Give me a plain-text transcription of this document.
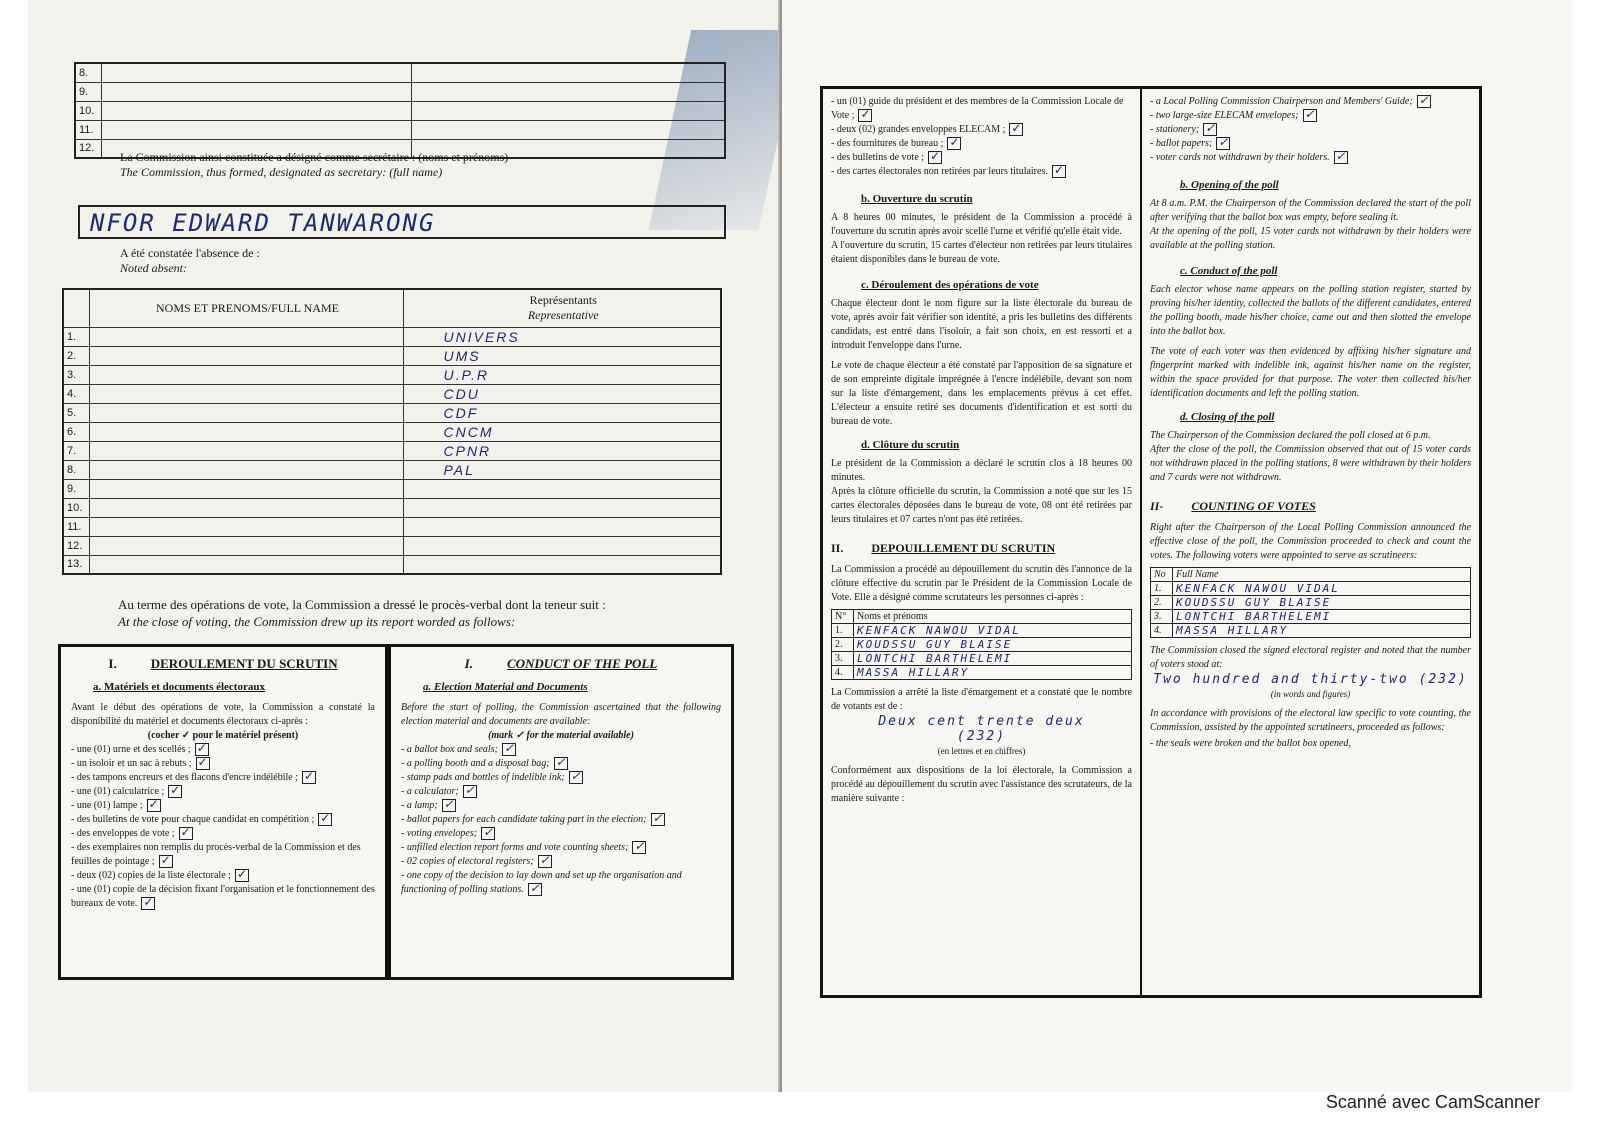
8.		
9.		
10.		
11.		
12.		
La Commission ainsi constituée a désigné comme secrétaire : (noms et prénoms)
The Commission, thus formed, designated as secretary: (full name)
NFOR EDWARD TANWARONG
A été constatée l'absence de :
Noted absent:
	NOMS ET PRENOMS/FULL NAME	Représentants
Representative
1.		UNIVERS
2.		UMS
3.		U.P.R
4.		CDU
5.		CDF
6.		CNCM
7.		CPNR
8.		PAL
9.		
10.		
11.		
12.		
13.		
Au terme des opérations de vote, la Commission a dressé le procès-verbal dont la teneur suit :
At the close of voting, the Commission drew up its report worded as follows:
I.	DEROULEMENT DU SCRUTIN
a. Matériels et documents électoraux

Avant le début des opérations de vote, la Commission a constaté la disponibilité du matériel et documents électoraux ci-après :

(cocher ✓ pour le matériel présent)

- une (01) urne et des scellés ;✓
- un isoloir et un sac à rebuts ;✓
- des tampons encreurs et des flacons d'encre indélébile ;✓
- une (01) calculatrice ;✓
- une (01) lampe ;✓
- des bulletins de vote pour chaque candidat en compétition ;✓
- des enveloppes de vote ;✓
- des exemplaires non remplis du procès-verbal de la Commission et des feuilles de pointage ;✓
- deux (02) copies de la liste électorale ;✓
- une (01) copie de la décision fixant l'organisation et le fonctionnement des bureaux de vote.✓
I.	CONDUCT OF THE POLL
a. Election Material and Documents

Before the start of polling, the Commission ascertained that the following election material and documents are available:

(mark ✓ for the material available)

- a ballot box and seals;✓
- a polling booth and a disposal bag;✓
- stamp pads and bottles of indelible ink;✓
- a calculator;✓
- a lamp;✓
- ballot papers for each candidate taking part in the election;✓
- voting envelopes;✓
- unfilled election report forms and vote counting sheets;✓
- 02 copies of electoral registers;✓
- one copy of the decision to lay down and set up the organisation and functioning of polling stations.✓
- un (01) guide du président et des membres de la Commission Locale de Vote ;✓
- deux (02) grandes enveloppes ELECAM ;✓
- des fournitures de bureau ;✓
- des bulletins de vote ;✓
- des cartes électorales non retirées par leurs titulaires.✓
b. Ouverture du scrutin

A 8 heures 00 minutes, le président de la Commission a procédé à l'ouverture du scrutin après avoir scellé l'urne et vérifié qu'elle était vide.

A l'ouverture du scrutin, 15 cartes d'électeur non retirées par leurs titulaires étaient disponibles dans le bureau de vote.

c. Déroulement des opérations de vote

Chaque électeur dont le nom figure sur la liste électorale du bureau de vote, après avoir fait vérifier son identité, a pris les bulletins des différents candidats, est entré dans l'isoloir, a fait son choix, en est ressorti et a introduit l'enveloppe dans l'urne.

Le vote de chaque électeur a été constaté par l'apposition de sa signature et de son empreinte digitale imprégnée à l'encre indélébile, devant son nom sur la liste d'émargement, dans les emplacements prévus à cet effet. L'électeur a ensuite retiré ses documents d'identification et est sorti du bureau de vote.

d. Clôture du scrutin

Le président de la Commission a déclaré le scrutin clos à 18 heures 00 minutes.

Après la clôture officielle du scrutin, la Commission a noté que sur les 15 cartes électorales déposées dans le bureau de vote, 08 ont été retirées par leurs titulaires et 07 cartes n'ont pas été retirées.

II. DEPOUILLEMENT DU SCRUTIN

La Commission a procédé au dépouillement du scrutin dès l'annonce de la clôture effective du scrutin par le Président de la Commission Locale de Vote. Elle a désigné comme scrutateurs les personnes ci-après :

N°	Noms et prénoms
1.	KENFACK NAWOU VIDAL
2.	KOUDSSU GUY BLAISE
3.	LONTCHI BARTHELEMI
4.	MASSA HILLARY

La Commission a arrêté la liste d'émargement et a constaté que le nombre de votants est de :

Deux cent trente deux
(232)

(en lettres et en chiffres)

Conformément aux dispositions de la loi électorale, la Commission a procédé au dépouillement du scrutin avec l'assistance des scrutateurs, de la manière suivante :

- a Local Polling Commission Chairperson and Members' Guide;✓
- two large-size ELECAM envelopes;✓
- stationery;✓
- ballot papers;✓
- voter cards not withdrawn by their holders.✓
b. Opening of the poll

At 8 a.m. P.M. the Chairperson of the Commission declared the start of the poll after verifying that the ballot box was empty, before sealing it.

At the opening of the poll, 15 voter cards not withdrawn by their holders were available at the polling station.

c. Conduct of the poll

Each elector whose name appears on the polling station register, started by proving his/her identity, collected the ballots of the different candidates, entered the polling booth, made his/her choice, came out and then slotted the envelope into the ballot box.

The vote of each voter was then evidenced by affixing his/her signature and fingerprint marked with indelible ink, against his/her name on the register, within the space provided for that purpose. The voter then collected his/her identification documents and left the polling station.

d. Closing of the poll

The Chairperson of the Commission declared the poll closed at 6 p.m.

After the close of the poll, the Commission observed that out of 15 voter cards not withdrawn placed in the polling stations, 8 were withdrawn by their holders and 7 cards were not withdrawn.

II- COUNTING OF VOTES

Right after the Chairperson of the Local Polling Commission announced the effective close of the poll, the Commission proceeded to check and count the votes. The following voters were appointed to serve as scrutineers:

No	Full Name
1.	KENFACK NAWOU VIDAL
2.	KOUDSSU GUY BLAISE
3.	LONTCHI BARTHELEMI
4.	MASSA HILLARY

The Commission closed the signed electoral register and noted that the number of voters stood at:

Two hundred and thirty-two (232)

(in words and figures)

In accordance with provisions of the electoral law specific to vote counting, the Commission, assisted by the appointed scrutineers, proceeded as follows:

- the seals were broken and the ballot box opened,

Scanné avec CamScanner
